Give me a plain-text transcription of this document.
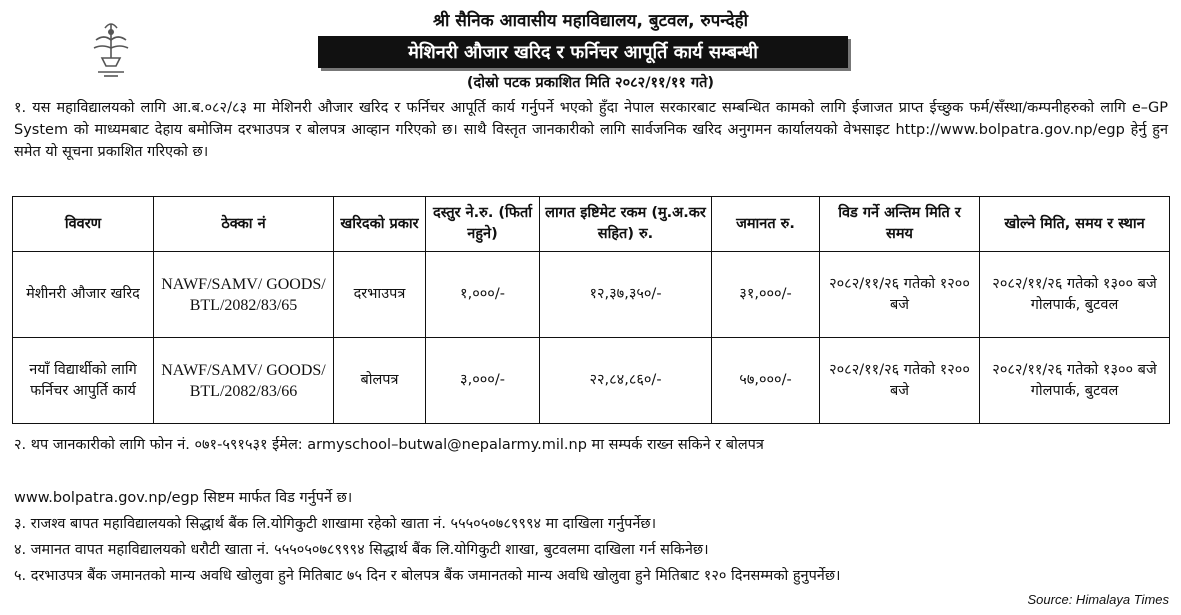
श्री सैनिक आवासीय महाविद्यालय, बुटवल, रुपन्देही
मेशिनरी औजार खरिद र फर्निचर आपूर्ति कार्य सम्बन्धी
(दोस्रो पटक प्रकाशित मिति २०८२/११/११ गते)
१. यस महाविद्यालयको लागि आ.ब.०८२/८३ मा मेशिनरी औजार खरिद र फर्निचर आपूर्ति कार्य गर्नुपर्ने भएको हुँदा नेपाल सरकारबाट सम्बन्धित कामको लागि ईजाजत प्राप्त ईच्छुक फर्म/सँस्था/कम्पनीहरुको लागि e–GP System को माध्यमबाट देहाय बमोजिम दरभाउपत्र र बोलपत्र आव्हान गरिएको छ। साथै विस्तृत जानकारीको लागि सार्वजनिक खरिद अनुगमन कार्यालयको वेभसाइट http://www.bolpatra.gov.np/egp हेर्नु हुन समेत यो सूचना प्रकाशित गरिएको छ।
विवरण	ठेक्का नं	खरिदको प्रकार	दस्तुर ने.रु. (फिर्ता नहुने)	लागत इष्टिमेट रकम (मु.अ.कर सहित) रु.	जमानत रु.	विड गर्ने अन्तिम मिति र समय	खोल्ने मिति, समय र स्थान
मेशीनरी औजार खरिद	NAWF/SAMV/ GOODS/ BTL/2082/83/65	दरभाउपत्र	१,०००/-	१२,३७,३५०/-	३१,०००/-	२०८२/११/२६ गतेको १२०० बजे	२०८२/११/२६ गतेको १३०० बजे गोलपार्क, बुटवल
नयाँ विद्यार्थीको लागि फर्निचर आपुर्ति कार्य	NAWF/SAMV/ GOODS/ BTL/2082/83/66	बोलपत्र	३,०००/-	२२,८४,८६०/-	५७,०००/-	२०८२/११/२६ गतेको १२०० बजे	२०८२/११/२६ गतेको १३०० बजे गोलपार्क, बुटवल
२. थप जानकारीको लागि फोन नं. ०७१-५९१५३१ ईमेल: armyschool–butwal@nepalarmy.mil.np मा सम्पर्क राख्न सकिने र बोलपत्र
www.bolpatra.gov.np/egp सिष्टम मार्फत विड गर्नुपर्ने छ।
३. राजश्व बापत महाविद्यालयको सिद्धार्थ बैंक लि.योगिकुटी शाखामा रहेको खाता नं. ५५५०५०७८९९९४ मा दाखिला गर्नुपर्नेछ।
४. जमानत वापत महाविद्यालयको धरौटी खाता नं. ५५५०५०७८९९९४ सिद्धार्थ बैंक लि.योगिकुटी शाखा, बुटवलमा दाखिला गर्न सकिनेछ।
५. दरभाउपत्र बैंक जमानतको मान्य अवधि खोलुवा हुने मितिबाट ७५ दिन र बोलपत्र बैंक जमानतको मान्य अवधि खोलुवा हुने मितिबाट १२० दिनसम्मको हुनुपर्नेछ।
Source: Himalaya Times
